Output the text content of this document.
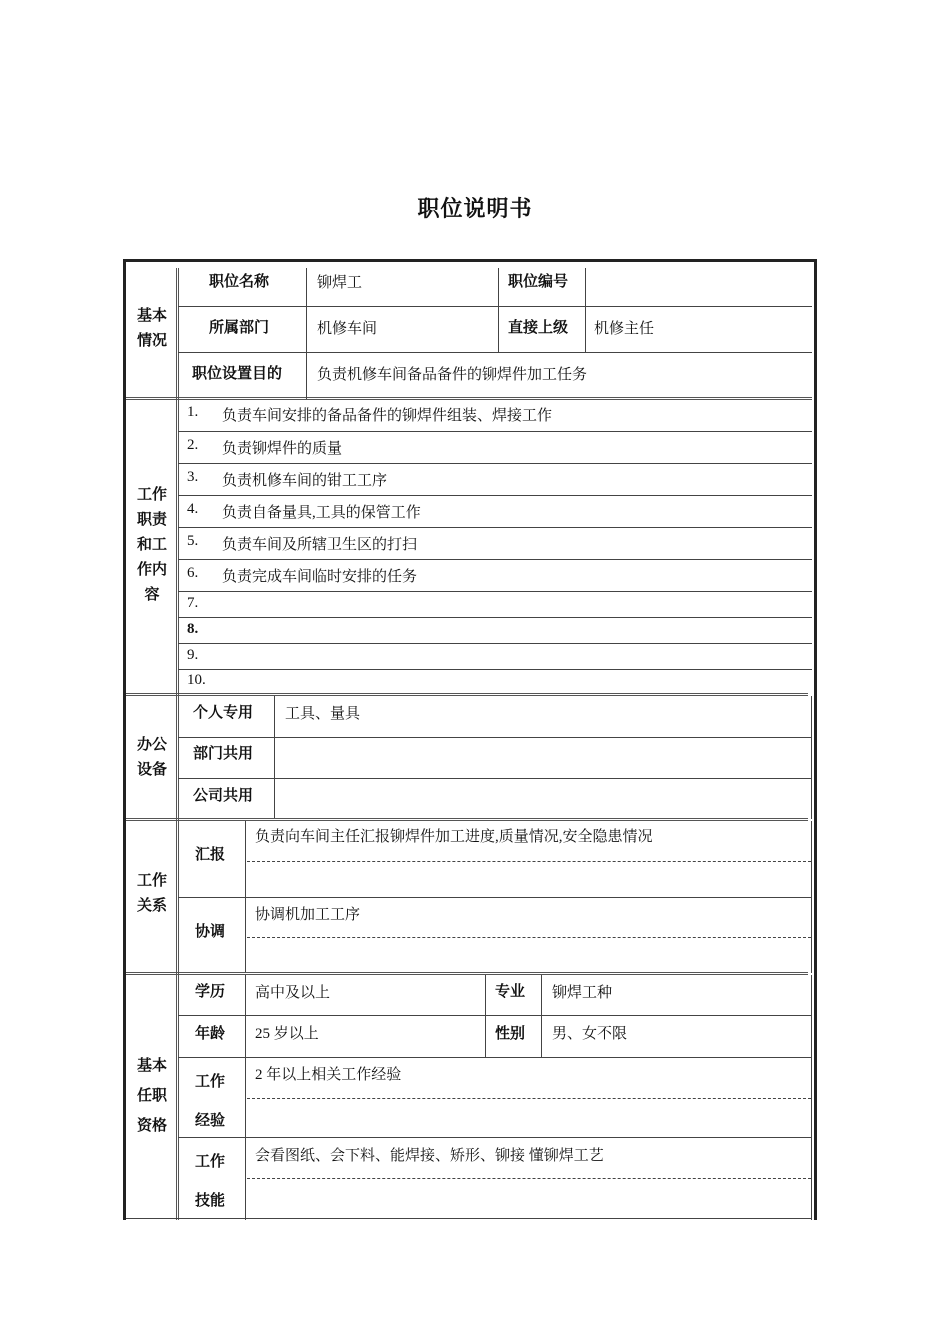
职位说明书
基本
情况
职位名称	铆焊工	职位编号
所属部门	机修车间	直接上级 机修主任
职位设置目的 负责机修车间备品备件的铆焊件加工任务
工作
职责
和工
作内
容
1. 负责车间安排的备品备件的铆焊件组装、焊接工作
2. 负责铆焊件的质量
3. 负责机修车间的钳工工序
4. 负责自备量具,工具的保管工作
5. 负责车间及所辖卫生区的打扫
6. 负责完成车间临时安排的任务
7.
8.
9.
10.
办公
设备
个人专用 工具、量具
部门共用
公司共用
工作
关系
汇报
负责向车间主任汇报铆焊件加工进度,质量情况,安全隐患情况
协调
协调机加工工序
基本
任职
资格
学历 高中及以上	专业 铆焊工种
年龄 25 岁以上	性别 男、女不限
工作
经验
2 年以上相关工作经验
工作
技能
会看图纸、会下料、能焊接、矫形、铆接 懂铆焊工艺
